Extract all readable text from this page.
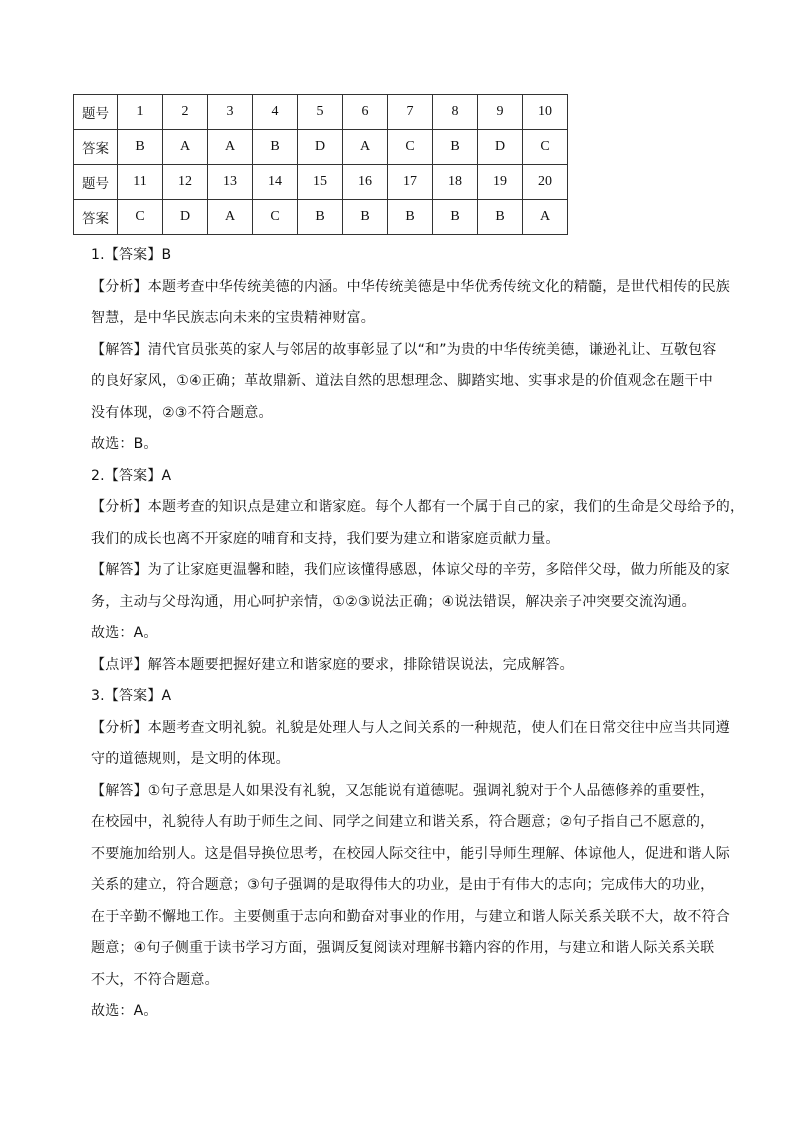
题号	1	2	3	4	5	6	7	8	9	10
答案	B	A	A	B	D	A	C	B	D	C
题号	11	12	13	14	15	16	17	18	19	20
答案	C	D	A	C	B	B	B	B	B	A
1.【答案】B
【分析】本题考查中华传统美德的内涵。中华传统美德是中华优秀传统文化的精髓，是世代相传的民族
智慧，是中华民族志向未来的宝贵精神财富。
【解答】清代官员张英的家人与邻居的故事彰显了以“和”为贵的中华传统美德，谦逊礼让、互敬包容
的良好家风，①④正确；革故鼎新、道法自然的思想理念、脚踏实地、实事求是的价值观念在题干中
没有体现，②③不符合题意。
故选：B。
2.【答案】A
【分析】本题考查的知识点是建立和谐家庭。每个人都有一个属于自己的家，我们的生命是父母给予的，
我们的成长也离不开家庭的哺育和支持，我们要为建立和谐家庭贡献力量。
【解答】为了让家庭更温馨和睦，我们应该懂得感恩，体谅父母的辛劳，多陪伴父母，做力所能及的家
务，主动与父母沟通，用心呵护亲情，①②③说法正确；④说法错误，解决亲子冲突要交流沟通。
故选：A。
【点评】解答本题要把握好建立和谐家庭的要求，排除错误说法，完成解答。
3.【答案】A
【分析】本题考查文明礼貌。礼貌是处理人与人之间关系的一种规范，使人们在日常交往中应当共同遵
守的道德规则，是文明的体现。
【解答】①句子意思是人如果没有礼貌，又怎能说有道德呢。强调礼貌对于个人品德修养的重要性，
在校园中，礼貌待人有助于师生之间、同学之间建立和谐关系，符合题意；②句子指自己不愿意的，
不要施加给别人。这是倡导换位思考，在校园人际交往中，能引导师生理解、体谅他人，促进和谐人际
关系的建立，符合题意；③句子强调的是取得伟大的功业，是由于有伟大的志向；完成伟大的功业，
在于辛勤不懈地工作。主要侧重于志向和勤奋对事业的作用，与建立和谐人际关系关联不大，故不符合
题意；④句子侧重于读书学习方面，强调反复阅读对理解书籍内容的作用，与建立和谐人际关系关联
不大，不符合题意。
故选：A。
